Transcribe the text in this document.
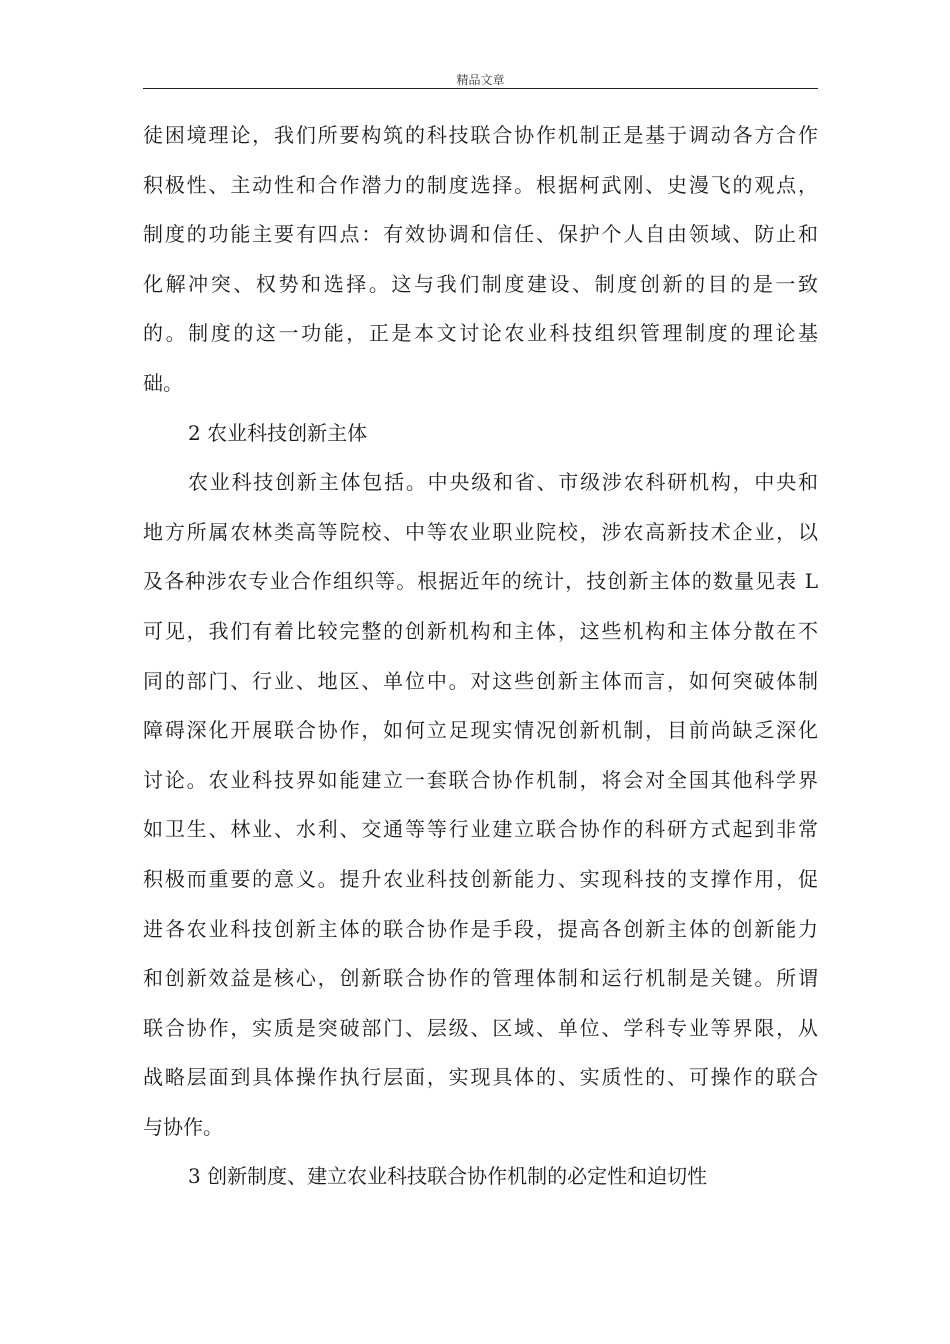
精品文章
徒困境理论，我们所要构筑的科技联合协作机制正是基于调动各方合作
积极性、主动性和合作潜力的制度选择。根据柯武刚、史漫飞的观点，
制度的功能主要有四点：有效协调和信任、保护个人自由领域、防止和
化解冲突、权势和选择。这与我们制度建设、制度创新的目的是一致
的。制度的这一功能，正是本文讨论农业科技组织管理制度的理论基
础。
2 农业科技创新主体
农业科技创新主体包括。中央级和省、市级涉农科研机构，中央和
地方所属农林类高等院校、中等农业职业院校，涉农高新技术企业，以
及各种涉农专业合作组织等。根据近年的统计，技创新主体的数量见表 L
可见，我们有着比较完整的创新机构和主体，这些机构和主体分散在不
同的部门、行业、地区、单位中。对这些创新主体而言，如何突破体制
障碍深化开展联合协作，如何立足现实情况创新机制，目前尚缺乏深化
讨论。农业科技界如能建立一套联合协作机制，将会对全国其他科学界
如卫生、林业、水利、交通等等行业建立联合协作的科研方式起到非常
积极而重要的意义。提升农业科技创新能力、实现科技的支撑作用，促
进各农业科技创新主体的联合协作是手段，提高各创新主体的创新能力
和创新效益是核心，创新联合协作的管理体制和运行机制是关键。所谓
联合协作，实质是突破部门、层级、区域、单位、学科专业等界限，从
战略层面到具体操作执行层面，实现具体的、实质性的、可操作的联合
与协作。
3 创新制度、建立农业科技联合协作机制的必定性和迫切性
